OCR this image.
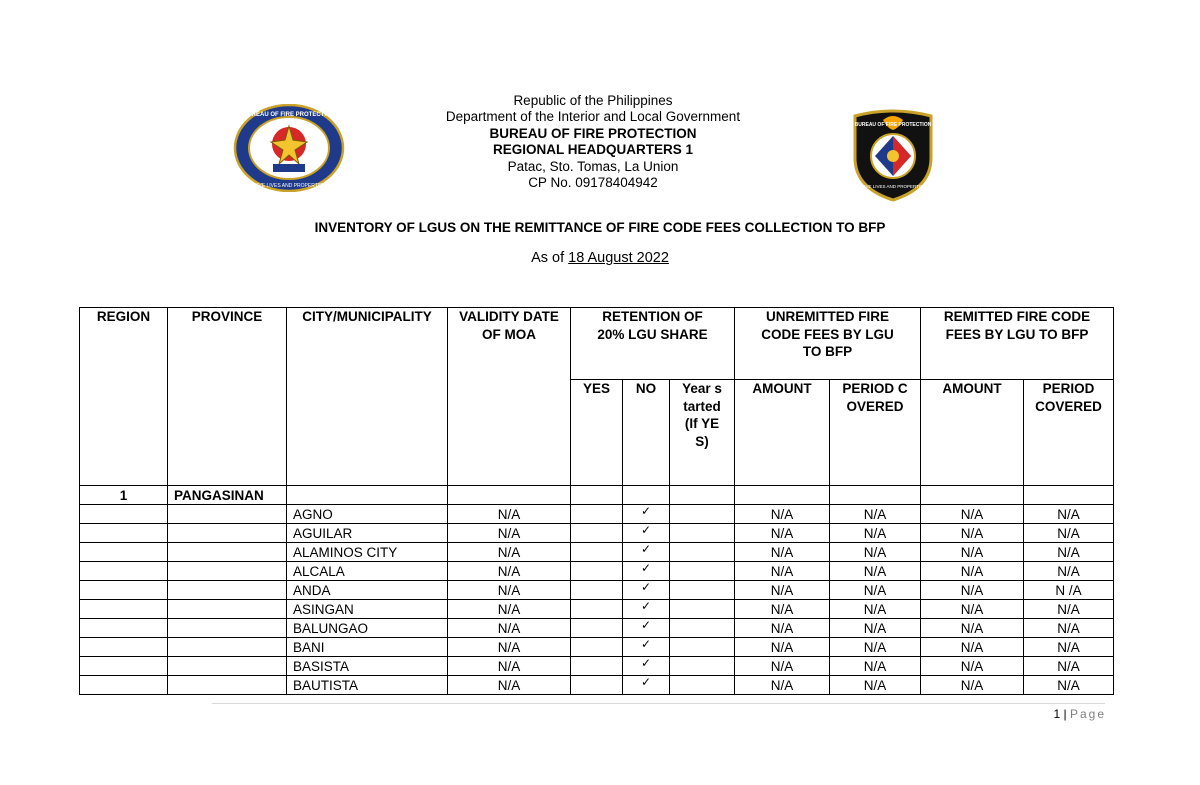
BUREAU OF FIRE PROTECTION
SAVE LIVES AND PROPERTIES
Republic of the Philippines
Department of the Interior and Local Government
BUREAU OF FIRE PROTECTION
REGIONAL HEADQUARTERS 1
Patac, Sto. Tomas, La Union
CP No. 09178404942
BUREAU OF FIRE PROTECTION
SAVE LIVES AND PROPERTIES
INVENTORY OF LGUS ON THE REMITTANCE OF FIRE CODE FEES COLLECTION TO BFP
As of 18 August 2022
REGION	PROVINCE	CITY/MUNICIPALITY	VALIDITY DATE OF MOA	RETENTION OF 20% LGU SHARE			UNREMITTED FIRE CODE FEES BY LGU TO BFP		REMITTED FIRE CODE FEES BY LGU TO BFP	
				YES	NO	Year started (If YES)	AMOUNT	PERIOD COVERED	AMOUNT	PERIOD COVERED
1	PANGASINAN									
		AGNO	N/A		✓		N/A	N/A	N/A	N/A
		AGUILAR	N/A		✓		N/A	N/A	N/A	N/A
		ALAMINOS CITY	N/A		✓		N/A	N/A	N/A	N/A
		ALCALA	N/A		✓		N/A	N/A	N/A	N/A
		ANDA	N/A		✓		N/A	N/A	N/A	N /A
		ASINGAN	N/A		✓		N/A	N/A	N/A	N/A
		BALUNGAO	N/A		✓		N/A	N/A	N/A	N/A
		BANI	N/A		✓		N/A	N/A	N/A	N/A
		BASISTA	N/A		✓		N/A	N/A	N/A	N/A
		BAUTISTA	N/A		✓		N/A	N/A	N/A	N/A
1 | Page
